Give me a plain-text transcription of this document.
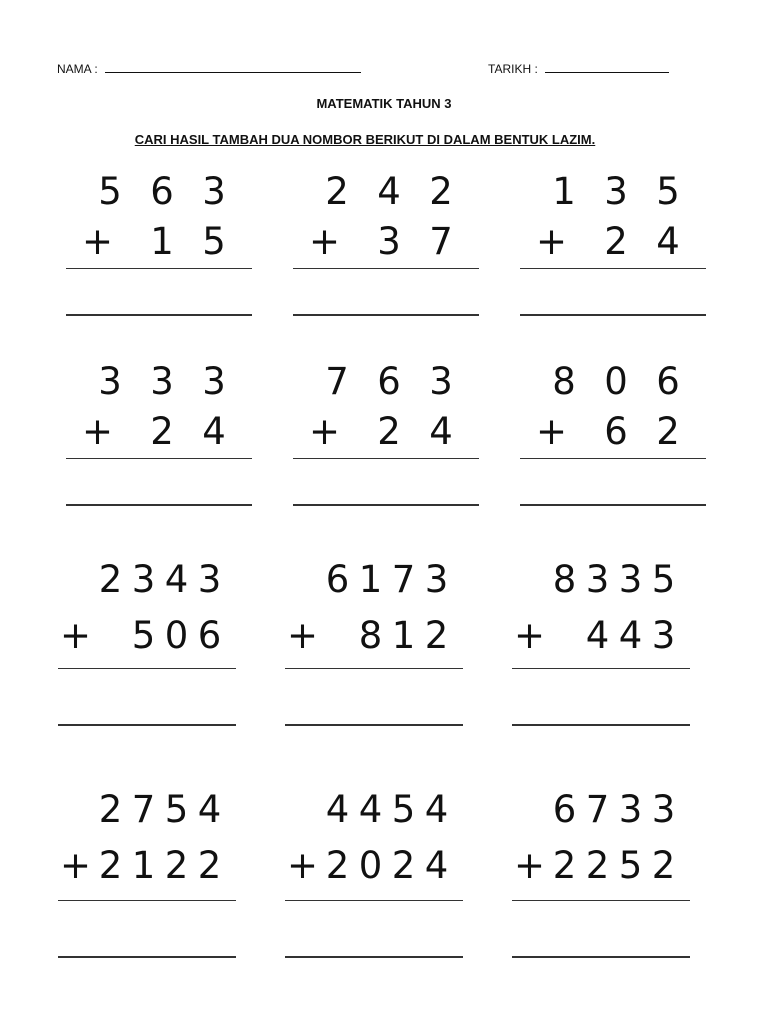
NAMA :	TARIKH :
MATEMATIK TAHUN 3
CARI HASIL TAMBAH DUA NOMBOR BERIKUT DI DALAM BENTUK LAZIM.
5 6 3
+	1 5
2 4 2
+	3 7
1 3 5
+	2 4
3 3 3
+	2 4
7 6 3
+	2 4
8 0 6
+	6 2
2 3 4 3
+ 5 0 6
6 1 7 3
+ 8 1 2
8 3 3 5
+ 4 4 3
2 7 5 4
+ 2 1 2 2
4 4 5 4
+ 2 0 2 4
6 7 3 3
+ 2 2 5 2
